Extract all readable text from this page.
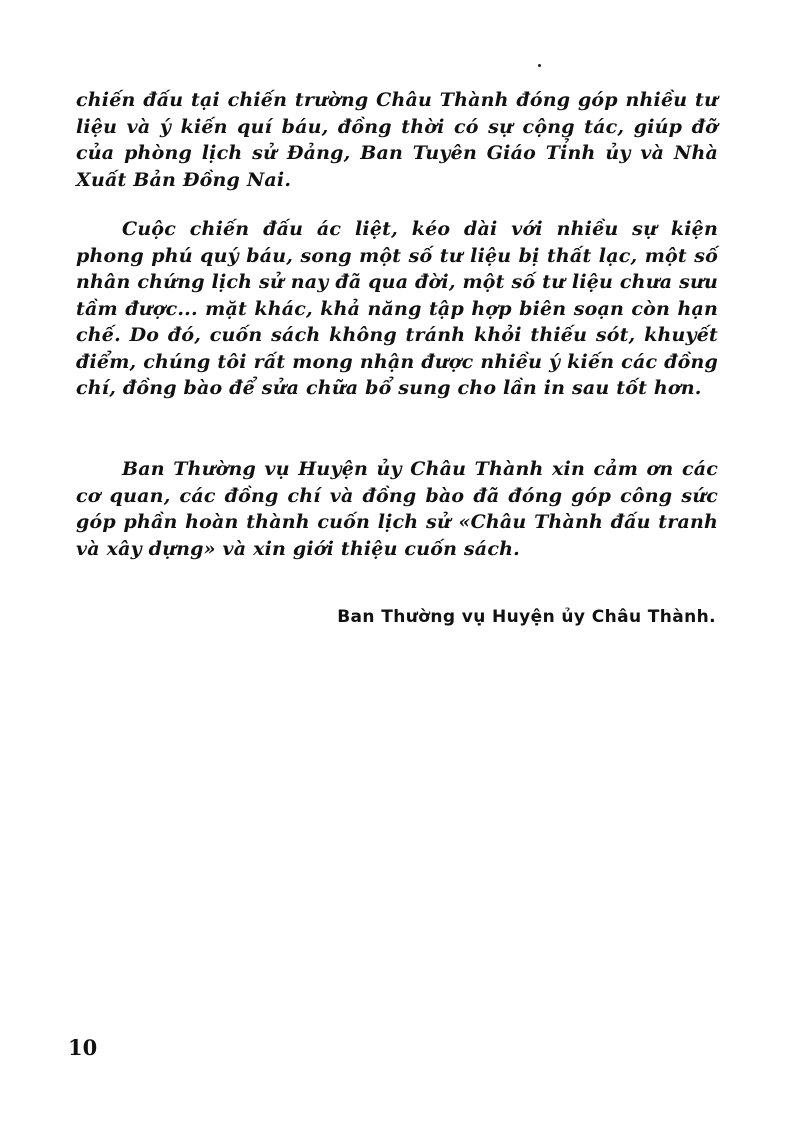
chiến đấu tại chiến trường Châu Thành đóng góp nhiều tư liệu và ý kiến quí báu, đồng thời có sự cộng tác, giúp đỡ của phòng lịch sử Đảng, Ban Tuyên Giáo Tỉnh ủy và Nhà Xuất Bản Đồng Nai.

Cuộc chiến đấu ác liệt, kéo dài với nhiều sự kiện phong phú quý báu, song một số tư liệu bị thất lạc, một số nhân chứng lịch sử nay đã qua đời, một số tư liệu chưa sưu tầm được... mặt khác, khả năng tập hợp biên soạn còn hạn chế. Do đó, cuốn sách không tránh khỏi thiếu sót, khuyết điểm, chúng tôi rất mong nhận được nhiều ý kiến các đồng chí, đồng bào để sửa chữa bổ sung cho lần in sau tốt hơn.

Ban Thường vụ Huyện ủy Châu Thành xin cảm ơn các cơ quan, các đồng chí và đồng bào đã đóng góp công sức góp phần hoàn thành cuốn lịch sử «Châu Thành đấu tranh và xây dựng» và xin giới thiệu cuốn sách.

Ban Thường vụ Huyện ủy Châu Thành.
10
